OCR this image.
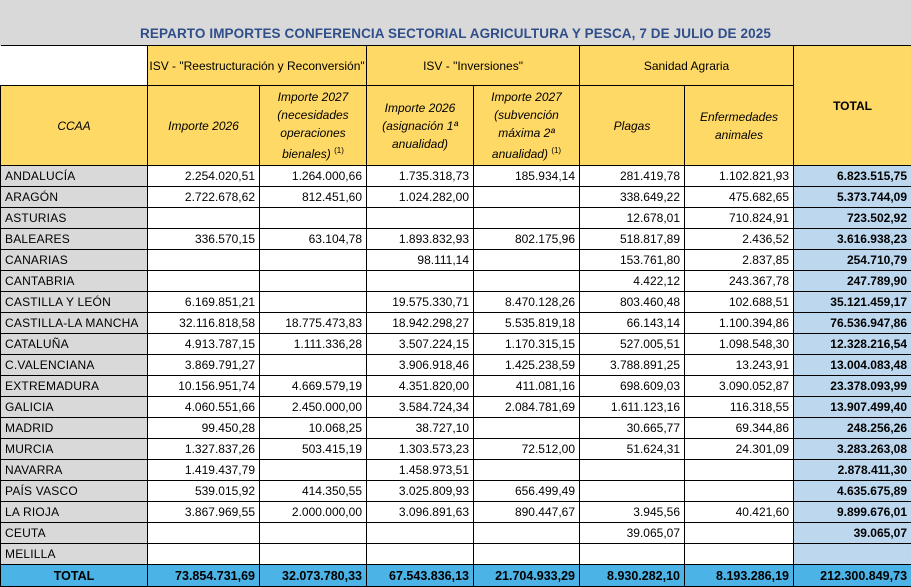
REPARTO IMPORTES CONFERENCIA SECTORIAL AGRICULTURA Y PESCA, 7 DE JULIO DE 2025
	ISV - "Reestructuración y Reconversión"		ISV - "Inversiones"		Sanidad Agraria		TOTAL
CCAA	Importe 2026	Importe 2027 (necesidades operaciones bienales) $^{(1)}$	Importe 2026 (asignación 1ª anualidad)	Importe 2027 (subvención máxima 2ª anualidad) $^{(1)}$	Plagas	Enfermedades animales	
ANDALUCÍA	2.254.020,51	1.264.000,66	1.735.318,73	185.934,14	281.419,78	1.102.821,93	6.823.515,75
ARAGÓN	2.722.678,62	812.451,60	1.024.282,00		338.649,22	475.682,65	5.373.744,09
ASTURIAS					12.678,01	710.824,91	723.502,92
BALEARES	336.570,15	63.104,78	1.893.832,93	802.175,96	518.817,89	2.436,52	3.616.938,23
CANARIAS			98.111,14		153.761,80	2.837,85	254.710,79
CANTABRIA					4.422,12	243.367,78	247.789,90
CASTILLA Y LEÓN	6.169.851,21		19.575.330,71	8.470.128,26	803.460,48	102.688,51	35.121.459,17
CASTILLA-LA MANCHA	32.116.818,58	18.775.473,83	18.942.298,27	5.535.819,18	66.143,14	1.100.394,86	76.536.947,86
CATALUÑA	4.913.787,15	1.111.336,28	3.507.224,15	1.170.315,15	527.005,51	1.098.548,30	12.328.216,54
C.VALENCIANA	3.869.791,27		3.906.918,46	1.425.238,59	3.788.891,25	13.243,91	13.004.083,48
EXTREMADURA	10.156.951,74	4.669.579,19	4.351.820,00	411.081,16	698.609,03	3.090.052,87	23.378.093,99
GALICIA	4.060.551,66	2.450.000,00	3.584.724,34	2.084.781,69	1.611.123,16	116.318,55	13.907.499,40
MADRID	99.450,28	10.068,25	38.727,10		30.665,77	69.344,86	248.256,26
MURCIA	1.327.837,26	503.415,19	1.303.573,23	72.512,00	51.624,31	24.301,09	3.283.263,08
NAVARRA	1.419.437,79		1.458.973,51				2.878.411,30
PAÍS VASCO	539.015,92	414.350,55	3.025.809,93	656.499,49			4.635.675,89
LA RIOJA	3.867.969,55	2.000.000,00	3.096.891,63	890.447,67	3.945,56	40.421,60	9.899.676,01
CEUTA					39.065,07		39.065,07
MELILLA							
TOTAL	73.854.731,69	32.073.780,33	67.543.836,13	21.704.933,29	8.930.282,10	8.193.286,19	212.300.849,73
